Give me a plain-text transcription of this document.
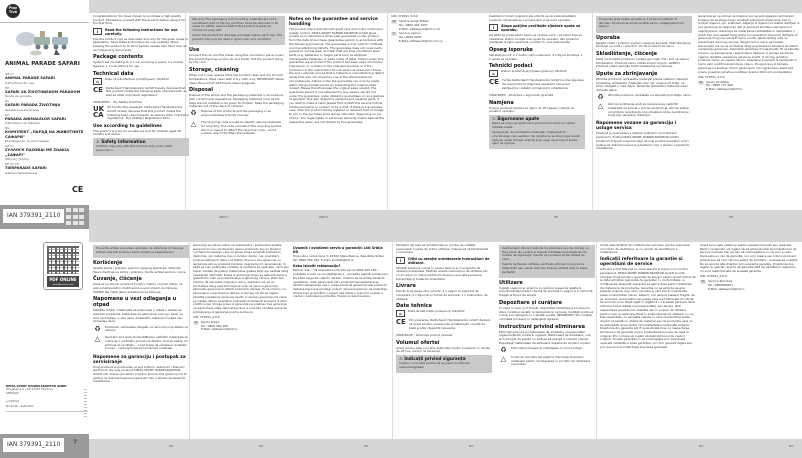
Play Tive
ANIMAL PARADE SAFARI
GB CY
ANIMAL PARADE SAFARI
Instructions for use
HR
SAFARI SA ŽIVOTINJSKOM PARADOM
Upute za uporabu
RS
SAFARI PARADA ŽIVOTINJA
Uputstvo za korišćenje
RO
PARADA ANIMALELOR SAFARI
Instrucțiuni de utilizare
BG
КОМПЛЕКТ „ПАРАД НА ЖИВОТНИТЕ САФАРИ"
Ръководство за използване
GR CY
ΣΥΛΛΟΓΗ ΠΑΙΧΝΙΔΙ ΜΕ ΖΩΑΚΙΑ „ΣΑΦΑΡΙ"
Οδηγίες χρήσης
DE AT CH
TIERPARADE SAFARI
Gebrauchsanweisung
CE
IAN 379391_2110

Congratulations! You have chosen to purchase a high-quality product. Familiarise yourself with the product before using it for the first time.

i	Read the following instructions for use carefully.

Use the product only as described and only for the given areas of application. Save these instructions for use carefully. When passing the product on to third parties, please also hand over all accompanying documents.

Package contents

System set consisting of: 2 x car and plug-in piece, 4 x animal figurine, 1 x instructions for use

Technical data
⌂	Date of manufacture (month/year): 04/2022

CE Delta-Sport Handelskontor GmbH hereby declares that this product meets the following basic requirements, as well as other important regulations:

2009/48/EC – Toy Safety Directive

UK CA

UK Conformity Assessed. Delta-Sport Handelskontor GmbH hereby declares that this product meets the following basic requirements, as well as other important regulations: Toys (Safety) Regulations 2011

Use according to guidelines

This product is a toy for private use and for children aged 18 months and above.

⚠ Safety information

Children may play with this product only under adult supervision.

Warning: The packaging and mounting materials are not a constituent part of the toy and they must be removed in all cases for safety reasons before the product is given to children to play with.

Check the product for damage and wear before each use. The product may only be used in good color and condition!

Use

Connect the car and the trailer using the connection piece. Insert the animal figurines on the car and trailer. Pull the product along by the cord.

Storage, cleaning

When not in use, always store the product clean and dry at room temperature. Wipe clean with a dry cloth only. IMPORTANT! Never clean the product with harsh cleaning agents.

Disposal

Dispose of the article and the packaging materials in accordance with current local regulations. Packaging materials such as foil bags are not suitable to be given to children. Keep the packaging materials out of the reach of children.

♻	Dispose of the products and the packaging in an environmentally friendly manner.

△	The recycling code is used to identify various materials for recycling. The code consists of the recycling symbol – which is meant to reflect the recycling cycle – and a number which identifies the material.

Notes on the guarantee and service handling

The product was produced with great care and under continuous quality control. DELTA-SPORT HANDELSKONTOR GmbH gives private end customers a three-year guarantee on this product from the date of purchase (guarantee period) in accordance with the following provisions. The guarantee is only valid for material and manufacturing defects. The guarantee does not cover parts subject to normal wear and tear that are thus considered wear parts (e.g. batteries) or fragile parts such as switches, rechargeable batteries, or parts made of glass. Claims under this guarantee are excluded if the product has been used incorrectly, improperly, or contrary to the intended purpose, or if the provisions in the instructions for use were not observed. Unless the end customer proves that a material or manufacturing defect exists that was not caused by one of the aforementioned circumstances. Claims under the guarantee can only be made within the guarantee period by presenting the original sales receipt. Please therefore keep the original sales receipt. The guarantee period is not extended by any repairs carried out under the guarantee, under statutory guarantees, or as a gesture of goodwill. This also applies to replaced and repaired parts. If you wish to make a claim please first contact the service hotline mentioned below or contact us by e-mail. If there is a guarantee case, then the product will be repaired or replaced free of charge to you or the purchase price will be refunded, depending on our choice. Your legal rights, in particular warranty claims against the respective seller, are not limited by this guarantee.

IAN: 379391_2110

GB	Service Great Britain
Tel.: 0800 404 7657
E-Mail: deltasport@lidl.co.uk
CY	Service Cyprus
Tel.: 8009 4409
E-Mail: deltasport@lidl.com.cy

Čestitamo! Ovom kupnjom ste odlučili se za visokokvalitetni proizvod. Upoznajte se s proizvodom prije prve uporabe.

i	Stoga pažljivo pročitajte sljedeće upute za uporabu.

Koristite se proizvodom samo na opisani način i za svrhe koje su navedene. Dobro čuvajte ove upute za uporabu. Ako proizvod predajete drugim osobama, uručite im i sve dokumente.

Opseg isporuke

Set sačinjen od: 2 x vozilo i utični element, 4 x figura životinje, 1 x upute za uporabu

Tehnički podaci
⌂	Datum proizvodnje (mjesec/godina): 04/2022

CE Tvrtka Delta-Sport Handelskontor GmbH ovime izjavljuje da ovaj proizvod odgovara sljedećim osnovnim zahtjevima i ostalim primjenjivim odredbama:

2009/48/EC – Direktiva o sigurnosti igračaka

Namjena

Ovaj je proizvod igračka za djecu od 18 mjeseci i starije za privatnu uporabu.

⚠ Sigurnosne upute

Djeca se smiju se igrati ovim proizvodom samo uz nadzor odrasle osobe.

Upozorenje: Svi ambalažni materijali i materijali za učvršćivanje nisu sastavni dio igračke te se zbog sigurnosnih razloga uvijek moraju ukloniti prije nego se proizvod preda djeci na igranje.

Provjerite prije svake uporabe je li proizvod oštećen ili istrošen. Proizvod se smije koristiti samo u besprijekornom stanju!

Uporaba

Spojite vozilo i prikolicu pomoću spojnog komada. Utaknite figure životinja na vozilo i prikolicu. Vucite proizvod za uzicu.

Skladištenje, čišćenje

Kada ne koristite proizvod, čuvajte ga uvijek čist i suh na sobnoj temperaturi. Proizvod samo čistite suhom krpom. VAŽNO! Proizvod nikad nemojte čistiti sredstvima za čišćenje.

Upute za zbrinjavanje

Zbrinite proizvod i ambalažni materijal prema važećim lokalnim propisima. Ambalažni materijali, kao npr. vrećice od folije, ne smiju dospjeti u ruke djece. Spremite ambalažni materijal izvan dohvata djece.

♻	Zbrinite proizvod i ambalažu na ekološki prihvatljiv način.

△	Kôd za recikliranje služi za označavanje različitih materijala za povrat u proces recikliranja. Kôd se sastoji od simbola recikliranja, koji odražava ciklus recikliranja i broja koji označava materijal.

Napomene vezane za garanciju i usluge servisa

Proizvod je proizveden s velikom pažnjom i pod stalnom kontrolom. Tvrtka DELTA-SPORT HANDELSKONTOR GmbH privatnim krajnjim kupcima daje na ovaj proizvod jamstvo od tri godine od datuma kupovine (jamstveni rok) u skladu s sljedećim odredbama.

Garancija se ne odnosi na dijelove koji se podvrgavaju normalnom trošenju te se stoga mogu smatrati potrošnim dijelovima, kao ni lomljivi dijelovi, npr. prekidači, baterije ili dijelovi od stakla. Zahtjevi iz ove garancije se isključuju ako je proizvod korišten nepropisno ili neprimjereno. Garancija za materijalne nedostatke ili nedostatke u izradi koji nisu nastali zbog jedne od navedenih okolnosti. Zahtjevi iz garancije mogu se ostvariti samo unutar garancijskog roka uz predočenje izvornog računa. Stoga izvorni račun sačuvajte. Garancijski rok se ne produžuje zbog popravaka ili zamjena izvršenih na temelju garancije, zakonskih jamstava ili kulantnosti. To se također odnosi i na zamijenjene i popravljene dijelove. U slučaju koristi se najprije obratite navedenoj servisnoj službi. U slučaju jamstva proizvod ćemo, po našem izboru, besplatno popraviti ili zamijeniti ili ćemo vam vratiti kupoprodajnu cijenu. Druga prava iz temelja garancije ne postoje. Ovom garancijom nisu ograničena zakonska prava, posebno jamstveni zahtjevi prema dotičnom prodavatelju.

IAN: 379391_2110

HR	Servis Hrvatska
Tel.: 0800 777 999
E-Mail: deltasport@lidl.hr
GB/CY	GB/CY	HR	HR
PDF ONLINE
www.lidl-service.com
DELTA-SPORT HANDELSKONTOR GMBH
Wragekamp 6 • DE-22397 Hamburg
GERMANY
⌂ 04/2022
Model No.: SAN-XXXX
IAN 379391_2110	7

Proverite artikal pre svake upotrebe na oštećenja ili habanje. Artikal sme biti korišćen samo ukoliko je besprekoran!

Korišćenje

Spojite kolica i prikolicu pomoću spojnog elementa. Utaknite figure životinja na kolica i prikolicu. Vucite artikal pomoću vrpce.

Čuvanje, čišćenje

Kada se ne koristi, proizvod čuvati u čistom i suvom stanju na sobnoj temperaturi. Čistiti samo suvom krpom za čišćenje. VAŽNO! Ne čistiti jakim sredstvima za čišćenje.

Napomene u vezi odlaganja u otpad

Odložite artikal i materijale za pakovanje u otpad u skladu sa lokalnim propisima. Materijale za pakovanje, kao npr. kese, ne sme da dospeju u ruke dece. Ambalažni materijal čuvajte van domašaja dece.

♻	Proizvode i ambalaže odlagati na način koji nije štetan po okolinu.

△	Recikleni kod služi za identifikaciju različitih materijala za vraćanje u reciklažni proces (reciklažu). Kod se sastoji od simbola za reciklažu – a koji treba da odražava reciklažni proces – i jednog broja koji označava materijal.

Napomene za garanciju i postupak za servisiranje

Ovaj proizvod je proizveden je pod brižnim nadzorom i stalnom kontrolom. Za ovaj proizvod DELTA-SPORT HANDELSKONTOR GmbH vidi ukazan privatnim krajnjim korisnicima garanciju od tri godine od datuma kupovine (garantni rok) u skladu sa sledećim odredbama.

Garancija se odnosi samo na materijalne i proizvodne greške. Garancijom nisu obuhvaćeni delovi proizvoda koji su izloženi normalnom habanju i koji se stoga mogu smatrati potrošnim delovima, npr. baterije, kao ni lomljivi delovi, npr. prekidači, punjive baterije ili delovi od stakla. Prava iz ove garancije su isključena ako je proizvod korišćen nepravilno ili nenamenski, ili kada se nisu poštovale odredbe iz uputstva za upotrebu, osim ako kupac dokaže da postoji materijalna greška koja nije nastala zbog navedenih okolnosti. Prava iz garancije mogu se ostvariti samo u garantnom roku uz predočavanje originalnog računa. Zato Vas molimo da sačuvate originalni račun. Garantni rok se ne produžava zbog popravki koje se vrše na osnovu garancije, zakonske garancije ili dobrih poslovnih običaja. To se odnosi i na zamenjene i popravljene delove. U slučaju koristi se najpre obratite navedenoj servisnoj službi. U slučaju garancije, mi ćemo po našem izboru besplatno popraviti ili zameniti proizvod ili Vam vratiti novac. Druga prava iz garancije ne postoje. Ova garancija ne ograničava Vaša zakonska prava, a naročito ne Vaša prava za potraživanja iz garancije prema prodavcu.

IAN: 379391_2110

RS	Servis Srbija
Tel.: 0800 300 180
E-Mail: deltasport@lidl.rs
Uvoznik i ovlašćeni servis u garanciji: Lidl Srbija KD

Prva južna radna zona 3, 22300 Stara Pazova, Republika Srbija. Tel: 0800 300 180, E-mail: kontakt@lidl.rs

Kako izjaviti reklamaciju?

Molimo Vas: – da pozovete korisnički servis 0800 300 180 – pošaljete e-mail na: kontakt@lidl.rs – ponesite najbliži prodavnicu. Da biste osigurali najbržu obradu, molimo da se držite sledećih uputstava i date garancijski list i proizvod kad reklamiranja. Ukoliko reklamacija nije u mogućnosti da garancija važi prava do datuma kupovine ali istog, putem računa kupovine; na poslednja strana koja je priložila, o kojem Vaš dokaz o kupovini poslati, o vreme o podnošenju pritužbe. Hvala na razumevanju.

Felicitări! Ați ales să achiziționați un produs de calitate superioară. Înainte de prima utilizare, trebuie să vă familiarizați cu produsul.

i	Citiți cu atenție următoarele instrucțiuni de utilizare.

Utilizați produsul numai în modul descris și în scopurile de utilizare prezentate. Păstrați aceste instrucțiuni de utilizare într-un loc sigur. În cazul predării produsului unei alte persoane, transmiteți și toată documentația.

Livrare

Set din 6 de piese care include: 2 x vagon cu element de conectare, 4 x figurină cu forme de animale, 1 x instrucțiuni de utilizare

Date tehnice
⌂	Data de fabricație (luna/anul): 04/2022

CE Prin prezenta, Delta-Sport Handelskontor GmbH declară că acest produs corespunde următoarelor cerințe de bază și altor dispoziții relevante:

2009/48/CE – Directiva privind jucăriile

Volumul ofertei

Acest produs este o jucărie destinată copiilor începând cu vârsta de 18 luni, pentru uz personal.

⚠ Indicații privind siguranța

Copiilor nu le este permis să se joace cu articolul nesupravegheați.

Avertisment: Niciun material de ambalare sau de montaj nu face parte din jucărie și trebuie întotdeauna îndepărtat din motive de siguranță, înainte ca produsul să fie utilizat de copii.

Înainte de fiecare utilizare verificați articolul cu privire la deteriorări sau uzură. Articolul trebuie utilizat doar în stare perfectă!

Utilizare

Cuplați vagonul și remorca cu ajutorul piesei de legătură. Introduceți figurinele în formă de animale în vagon și în remorcă. Trageți articolul de sfoară.

Depozitare și curățare

În cazul în care nu îl folosiți, depozitați întotdeauna produsul în stare curată și uscată, la temperatura camerei. Curățați produsul numai prin ștergere cu o lavetă uscată. IMPORTANT! Nu curățați niciodată produsul cu detergenți agresivi.

Instrucțiuni privind eliminarea

Eliminați articolul și materialele de ambalare corespunzător reglementărilor locale în vigoare. Materialele de ambalare, cum ar fi pungile de plastic nu trebuie să ajungă în mâinile copiilor. Depozitați materialele de ambalare departe de accesul copiilor.

♻	Eliminați produsele și ambalajele în mod ecologic.

△	Codul de reciclare servește la marcarea diverselor materiale pentru reintegrarea în circuitul de reutilizare (reciclare).

Codul este alcătuit din simbolul de reciclare, pentru marcarea circuitului de reutilizare, și un număr de identificare a materialului.

Indicații referitoare la garanție și operațiuni de service

Articolul a fost fabricat cu mare atenție și supus unui control permanent. DELTA-SPORT HANDELSKONTOR GmbH acordă clienților finali privați o garanție de trei ani pentru acest articol de la data achiziției (perioada de garanție) în conformitate cu următoarele dispoziții. Garanția se aplică doar pentru defectele de material și de producție. Garanția nu se extinde asupra pieselor supuse unei uzuri normale și care pot fi considerate piese consumabile (de ex. baterii), nici asupra pieselor fragile, de ex. butoane, acumulatori sau piese care sunt fabricate din sticlă. Se exclude orice drept legat în legătură cu această garanție dacă articolul a fost utilizat necorespunzător sau abuziv, fără respectarea prevederilor stabilite sau în scopuri de utilizare pentru care nu este specificat în instrucțiunile de utilizare, nu au fost respectate, cu excepția cazului în care clientul final poate dovedi că există un defect de material sau de producție care nu se datorează unuia dintre circumstanțele menționate anterior. Drepturile din garanție pot fi revendicate doar cu respectarea termenului de garanție și prin prezentarea bonului de casă în original. Prin urmare vă rugăm să păstrați bonul de casă în original. Durata garanției nu se prelungește prin eventuale reparații realizate în baza garanției, nici prin garanții legale sau prin serviciul acordat după expirarea garanției.

Acest lucru este valabil și pentru piesele înlocuite sau reparate. Pentru reclamații, vă rugăm să vă adresați întâi liniei telefonice de service indicate mai jos sau să luați legătura cu noi prin e-mail. Dacă este un caz de garanție, noi vom repara sau înlocui produsul gratuit sau vă vom returna prețul de achiziție – la alegerea noastră. Nu se acordă alte drepturi prin prezenta garanție. Drepturile dvs. legale, în special cererile de garanție față de vânzătorul respectiv, nu sunt restricționate de această garanție.

IAN: 379391_2110

RO	Service România
Tel.: 0800896427
E-Mail: deltasport@lidl.ro
RS	RS	RS	RO	RO	RO
